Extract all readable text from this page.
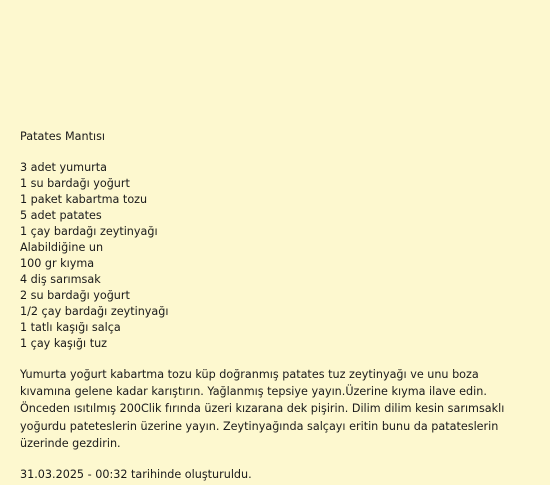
Patates Mantısı
3 adet yumurta
1 su bardağı yoğurt
1 paket kabartma tozu
5 adet patates
1 çay bardağı zeytinyağı
Alabildiğine un
100 gr kıyma
4 diş sarımsak
2 su bardağı yoğurt
1/2 çay bardağı zeytinyağı
1 tatlı kaşığı salça
1 çay kaşığı tuz

Yumurta yoğurt kabartma tozu küp doğranmış patates tuz zeytinyağı ve unu boza kıvamına gelene kadar karıştırın. Yağlanmış tepsiye yayın.Üzerine kıyma ilave edin. Önceden ısıtılmış 200Clik fırında üzeri kızarana dek pişirin. Dilim dilim kesin sarımsaklı yoğurdu pateteslerin üzerine yayın. Zeytinyağında salçayı eritin bunu da patateslerin üzerinde gezdirin.

31.03.2025 - 00:32 tarihinde oluşturuldu.
